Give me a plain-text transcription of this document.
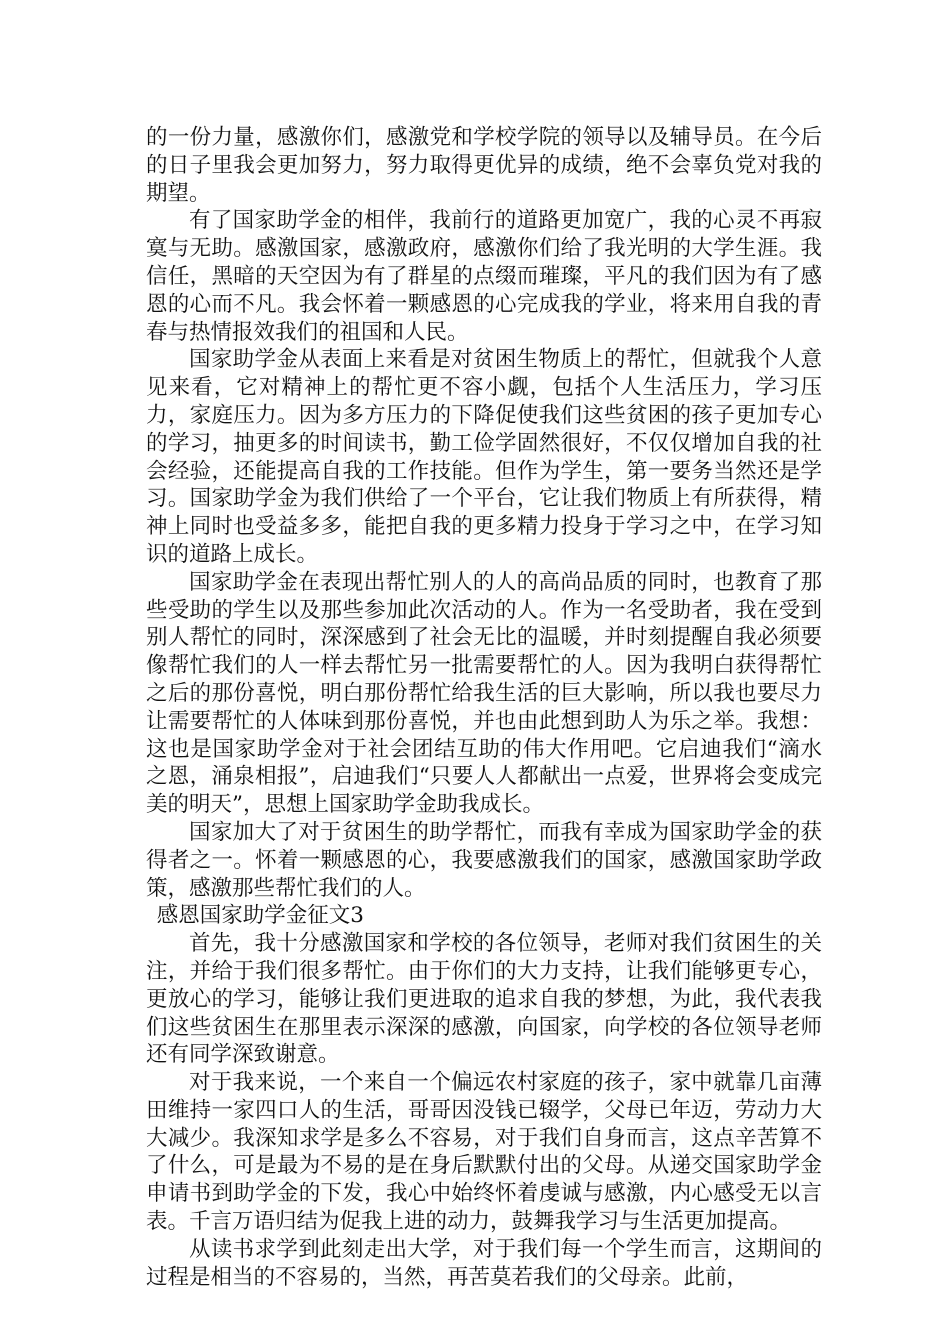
的一份力量，感激你们，感激党和学校学院的领导以及辅导员。在今后的日子里我会更加努力，努力取得更优异的成绩，绝不会辜负党对我的期望。

有了国家助学金的相伴，我前行的道路更加宽广，我的心灵不再寂寞与无助。感激国家，感激政府，感激你们给了我光明的大学生涯。我信任，黑暗的天空因为有了群星的点缀而璀璨，平凡的我们因为有了感恩的心而不凡。我会怀着一颗感恩的心完成我的学业，将来用自我的青春与热情报效我们的祖国和人民。

国家助学金从表面上来看是对贫困生物质上的帮忙，但就我个人意见来看，它对精神上的帮忙更不容小觑，包括个人生活压力，学习压力，家庭压力。因为多方压力的下降促使我们这些贫困的孩子更加专心的学习，抽更多的时间读书，勤工俭学固然很好，不仅仅增加自我的社会经验，还能提高自我的工作技能。但作为学生，第一要务当然还是学习。国家助学金为我们供给了一个平台，它让我们物质上有所获得，精神上同时也受益多多，能把自我的更多精力投身于学习之中，在学习知识的道路上成长。

国家助学金在表现出帮忙别人的人的高尚品质的同时，也教育了那些受助的学生以及那些参加此次活动的人。作为一名受助者，我在受到别人帮忙的同时，深深感到了社会无比的温暖，并时刻提醒自我必须要像帮忙我们的人一样去帮忙另一批需要帮忙的人。因为我明白获得帮忙之后的那份喜悦，明白那份帮忙给我生活的巨大影响，所以我也要尽力让需要帮忙的人体味到那份喜悦，并也由此想到助人为乐之举。我想：这也是国家助学金对于社会团结互助的伟大作用吧。它启迪我们“滴水之恩，涌泉相报”，启迪我们“只要人人都献出一点爱，世界将会变成完美的明天”，思想上国家助学金助我成长。

国家加大了对于贫困生的助学帮忙，而我有幸成为国家助学金的获得者之一。怀着一颗感恩的心，我要感激我们的国家，感激国家助学政策，感激那些帮忙我们的人。

感恩国家助学金征文3

首先，我十分感激国家和学校的各位领导，老师对我们贫困生的关注，并给于我们很多帮忙。由于你们的大力支持，让我们能够更专心，更放心的学习，能够让我们更进取的追求自我的梦想，为此，我代表我们这些贫困生在那里表示深深的感激，向国家，向学校的各位领导老师还有同学深致谢意。

对于我来说，一个来自一个偏远农村家庭的孩子，家中就靠几亩薄田维持一家四口人的生活，哥哥因没钱已辍学，父母已年迈，劳动力大大减少。我深知求学是多么不容易，对于我们自身而言，这点辛苦算不了什么，可是最为不易的是在身后默默付出的父母。从递交国家助学金申请书到助学金的下发，我心中始终怀着虔诚与感激，内心感受无以言表。千言万语归结为促我上进的动力，鼓舞我学习与生活更加提高。

从读书求学到此刻走出大学，对于我们每一个学生而言，这期间的过程是相当的不容易的，当然，再苦莫若我们的父母亲。此前，
